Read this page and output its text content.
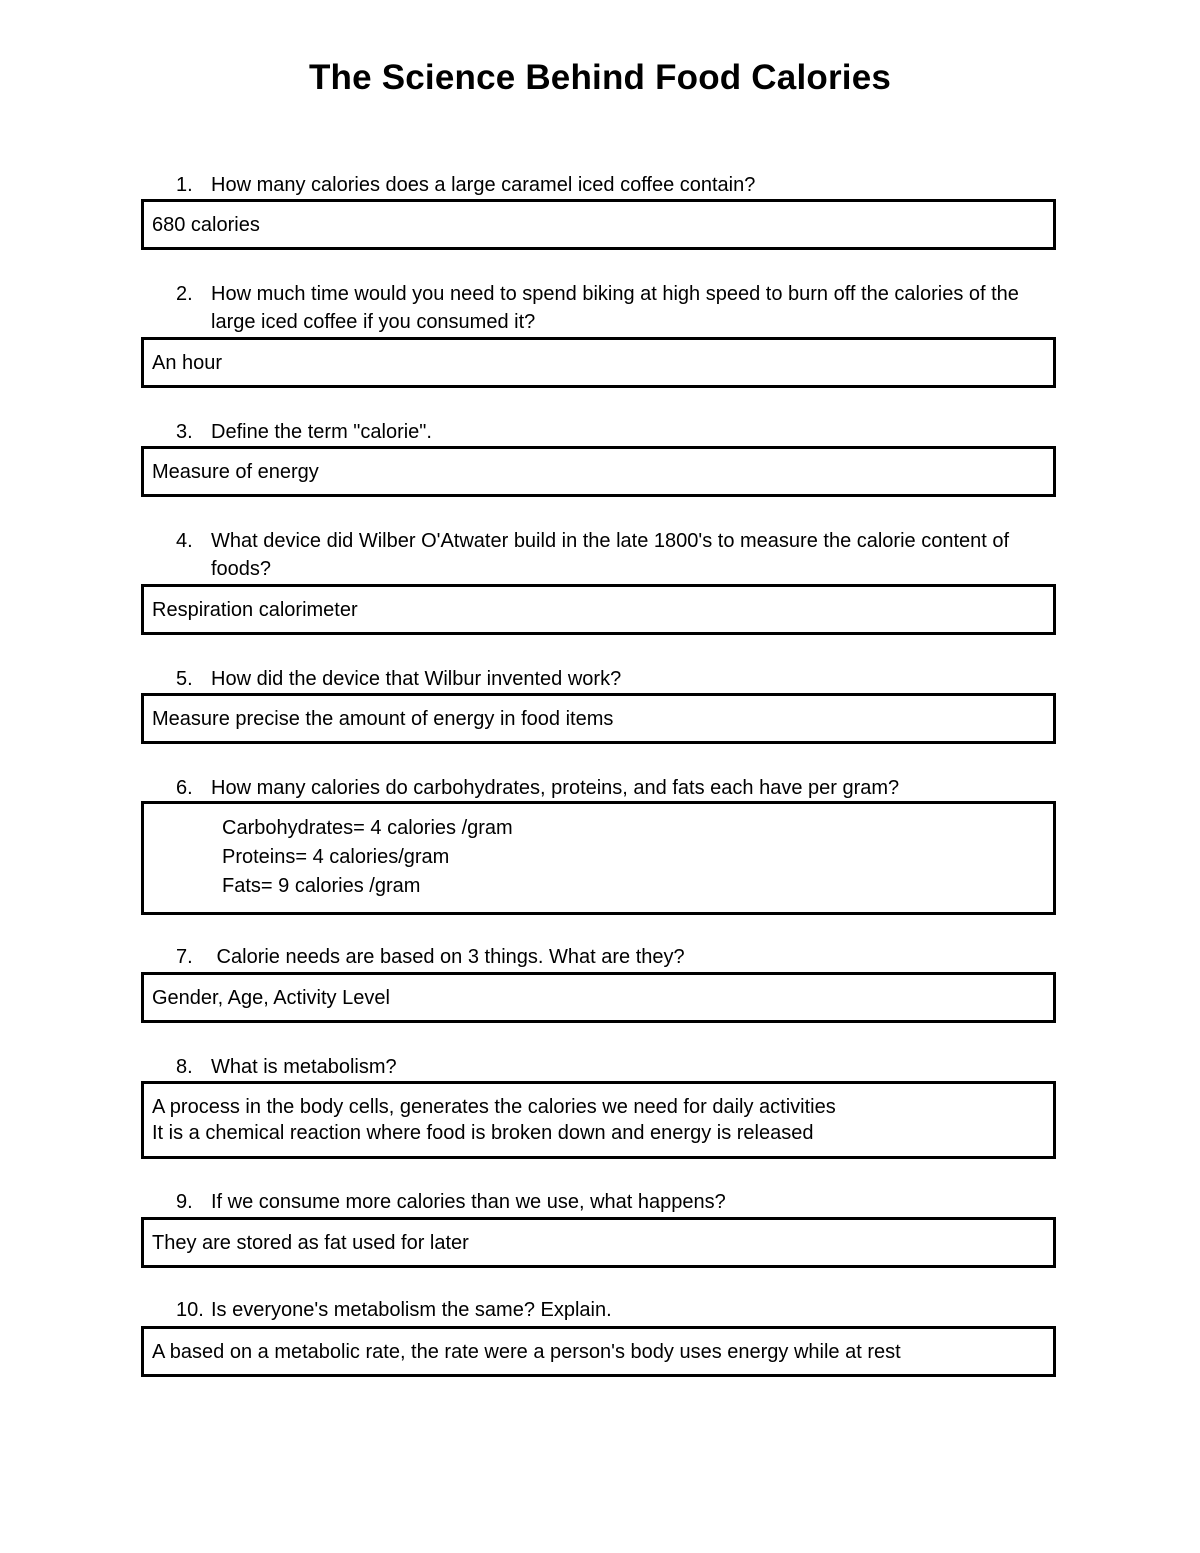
The Science Behind Food Calories
1. How many calories does a large caramel iced coffee contain?
680 calories
2. How much time would you need to spend biking at high speed to burn off the calories of the large iced coffee if you consumed it?
An hour
3. Define the term "calorie".
Measure of energy
4. What device did Wilber O'Atwater build in the late 1800's to measure the calorie content of foods?
Respiration calorimeter
5. How did the device that Wilbur invented work?
Measure precise the amount of energy in food items
6. How many calories do carbohydrates, proteins, and fats each have per gram?
Carbohydrates= 4 calories /gram
Proteins= 4 calories/gram
Fats= 9 calories /gram
7. Calorie needs are based on 3 things. What are they?
Gender, Age, Activity Level
8. What is metabolism?
A process in the body cells, generates the calories we need for daily activities
It is a chemical reaction where food is broken down and energy is released
9. If we consume more calories than we use, what happens?
They are stored as fat used for later
10. Is everyone's metabolism the same? Explain.
A based on a metabolic rate, the rate were a person's body uses energy while at rest
